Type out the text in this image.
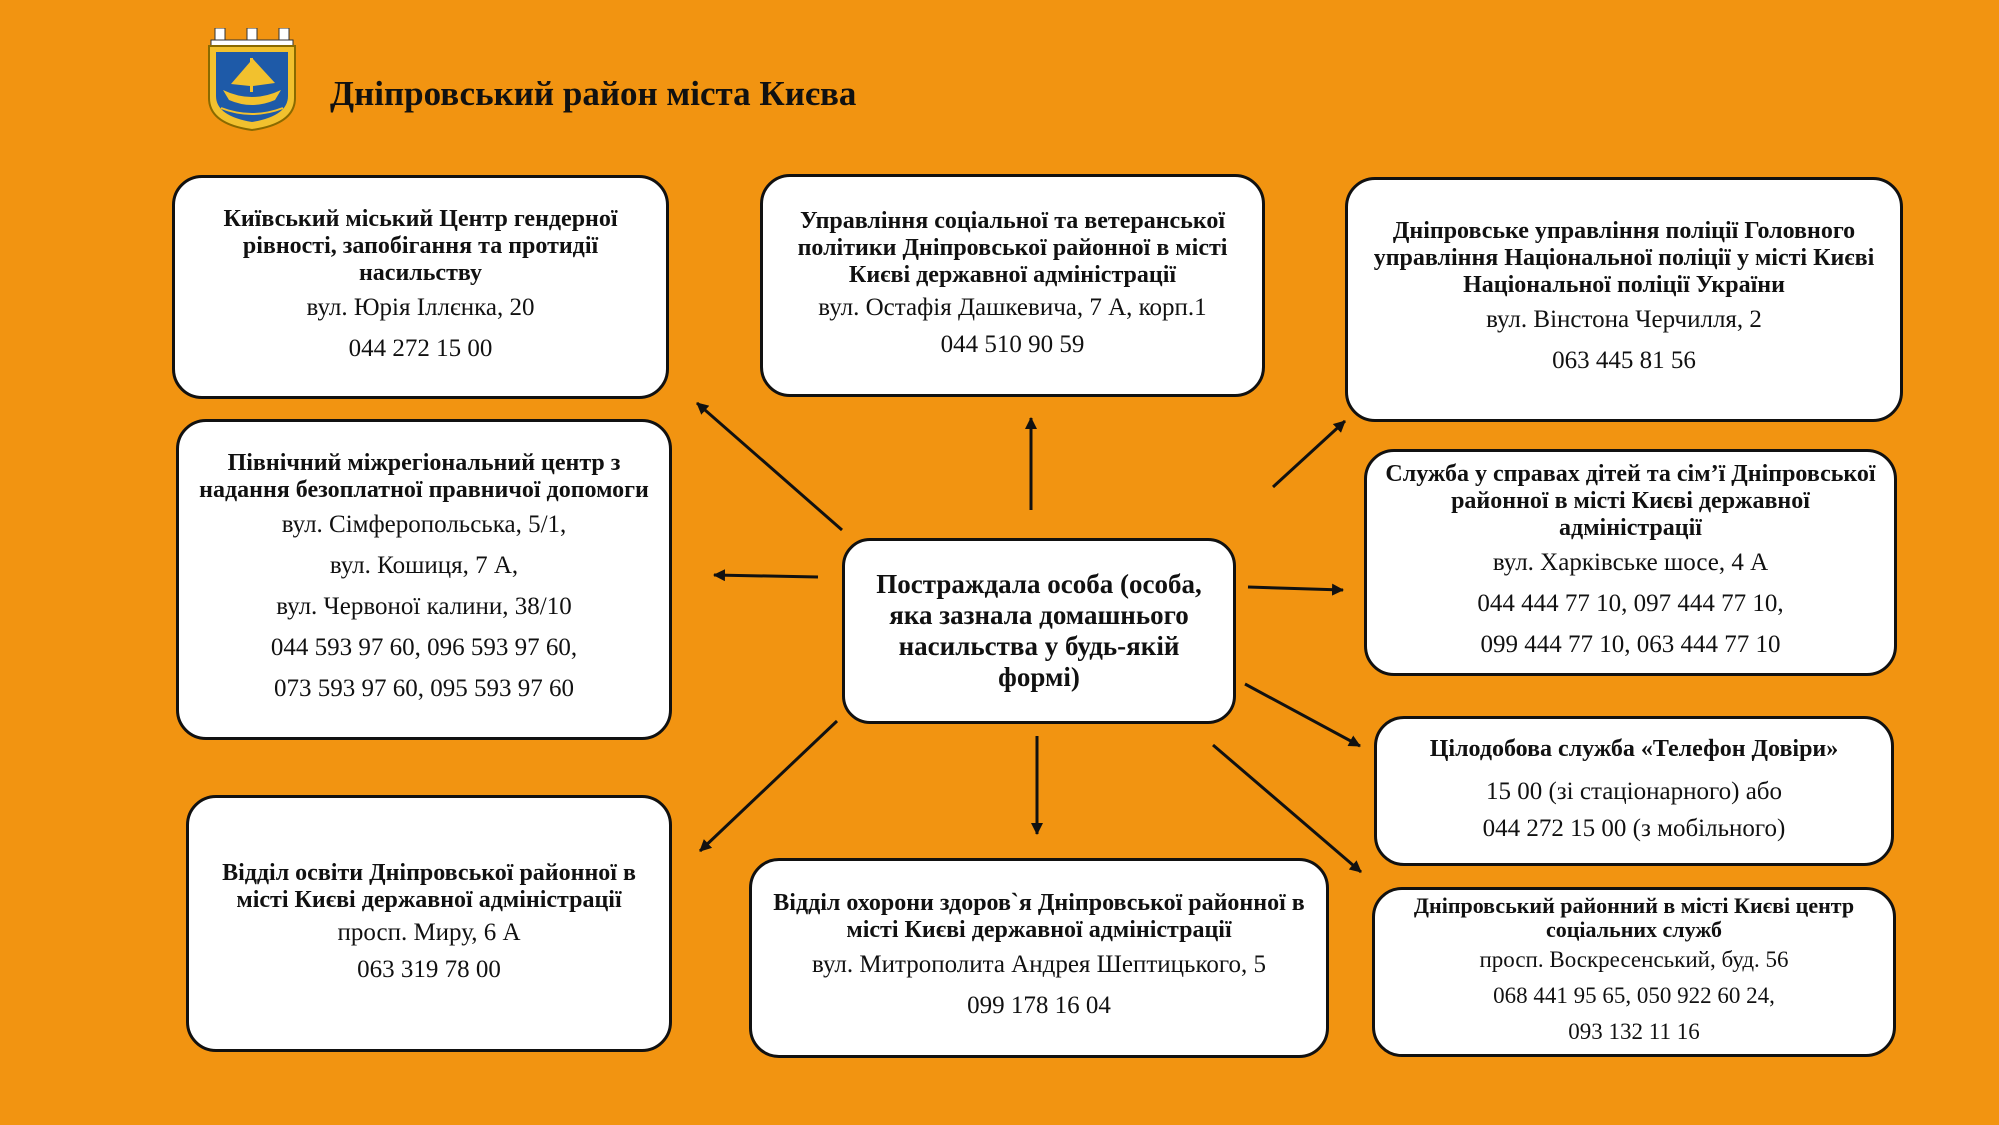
Дніпровський район міста Києва
Київський міський Центр гендерної рівності, запобігання та протидії насильству
вул. Юрія Іллєнка, 20
044 272 15 00
Управління соціальної та ветеранської політики Дніпровської районної в місті Києві державної адміністрації
вул. Остафія Дашкевича, 7 А, корп.1
044 510 90 59
Дніпровське управління поліції Головного управління Національної поліції у місті Києві Національної поліції України
вул. Вінстона Черчилля, 2
063 445 81 56
Північний міжрегіональний центр з надання безоплатної правничої допомоги
вул. Сімферопольська, 5/1,
вул. Кошиця, 7 А,
вул. Червоної калини, 38/10
044 593 97 60, 096 593 97 60,
073 593 97 60, 095 593 97 60
Постраждала особа (особа, яка зазнала домашнього насильства у будь-якій формі)
Служба у справах дітей та сім’ї Дніпровської районної в місті Києві державної адміністрації
вул. Харківське шосе, 4 А
044 444 77 10, 097 444 77 10,
099 444 77 10, 063 444 77 10
Цілодобова служба «Телефон Довіри»
15 00 (зі стаціонарного) або
044 272 15 00 (з мобільного)
Відділ освіти Дніпровської районної в місті Києві державної адміністрації
просп. Миру, 6 А
063 319 78 00
Відділ охорони здоров`я Дніпровської районної в місті Києві державної адміністрації
вул. Митрополита Андрея Шептицького, 5
099 178 16 04
Дніпровський районний в місті Києві центр соціальних служб
просп. Воскресенський, буд. 56
068 441 95 65, 050 922 60 24,
093 132 11 16
